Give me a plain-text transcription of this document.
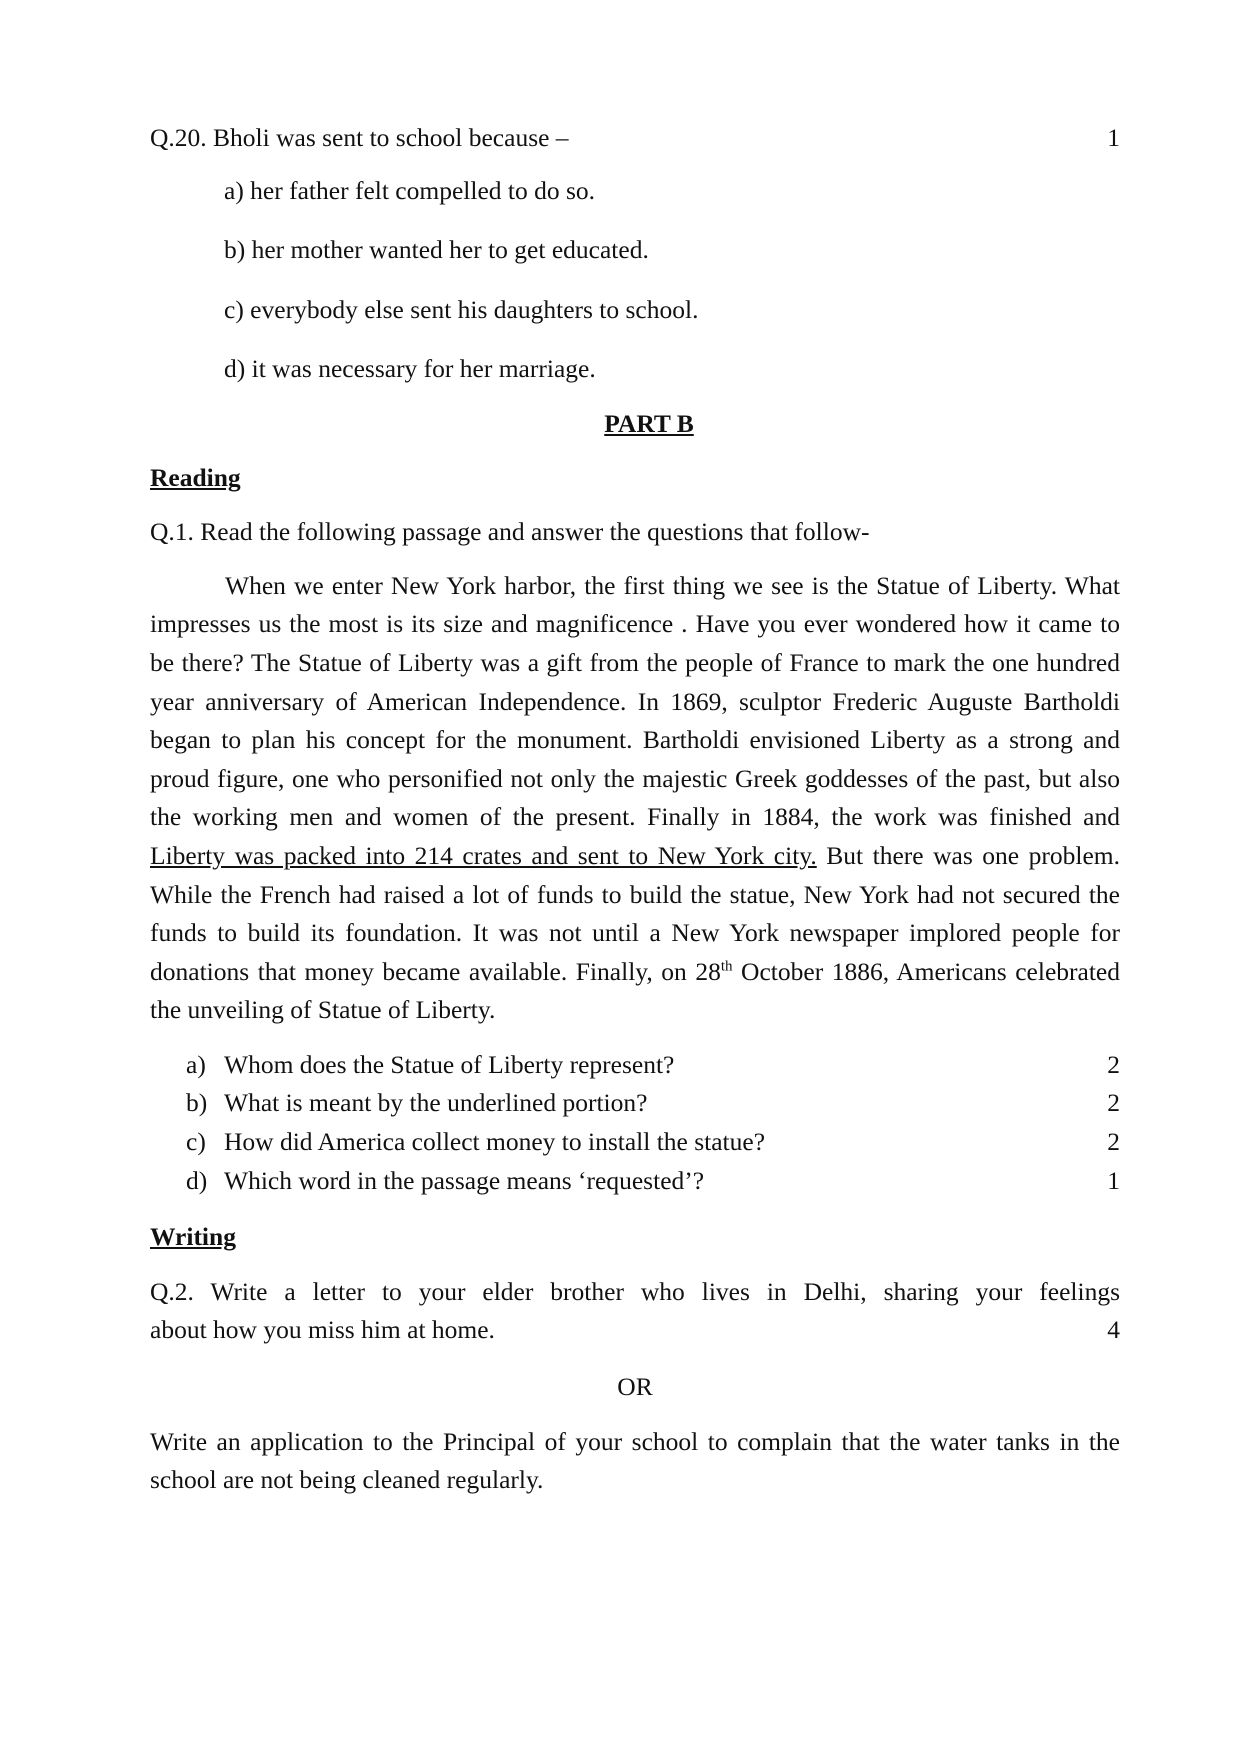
Q.20. Bholi was sent to school because –	1
a) her father felt compelled to do so.
b) her mother wanted her to get educated.
c) everybody else sent his daughters to school.
d) it was necessary for her marriage.
PART B
Reading
Q.1. Read the following passage and answer the questions that follow-

When we enter New York harbor, the first thing we see is the Statue of Liberty. What impresses us the most is its size and magnificence . Have you ever wondered how it came to be there? The Statue of Liberty was a gift from the people of France to mark the one hundred year anniversary of American Independence. In 1869, sculptor Frederic Auguste Bartholdi began to plan his concept for the monument. Bartholdi envisioned Liberty as a strong and proud figure, one who personified not only the majestic Greek goddesses of the past, but also the working men and women of the present. Finally in 1884, the work was finished and Liberty was packed into 214 crates and sent to New York city. But there was one problem. While the French had raised a lot of funds to build the statue, New York had not secured the funds to build its foundation. It was not until a New York newspaper implored people for donations that money became available. Finally, on 28th October 1886, Americans celebrated the unveiling of Statue of Liberty.

a) Whom does the Statue of Liberty represent?	2
b) What is meant by the underlined portion?	2
c) How did America collect money to install the statue?	2
d) Which word in the passage means ‘requested’?	1
Writing
Q.2. Write a letter to your elder brother who lives in Delhi, sharing your feelings
about how you miss him at home.	4
OR
Write an application to the Principal of your school to complain that the water tanks in the school are not being cleaned regularly.
